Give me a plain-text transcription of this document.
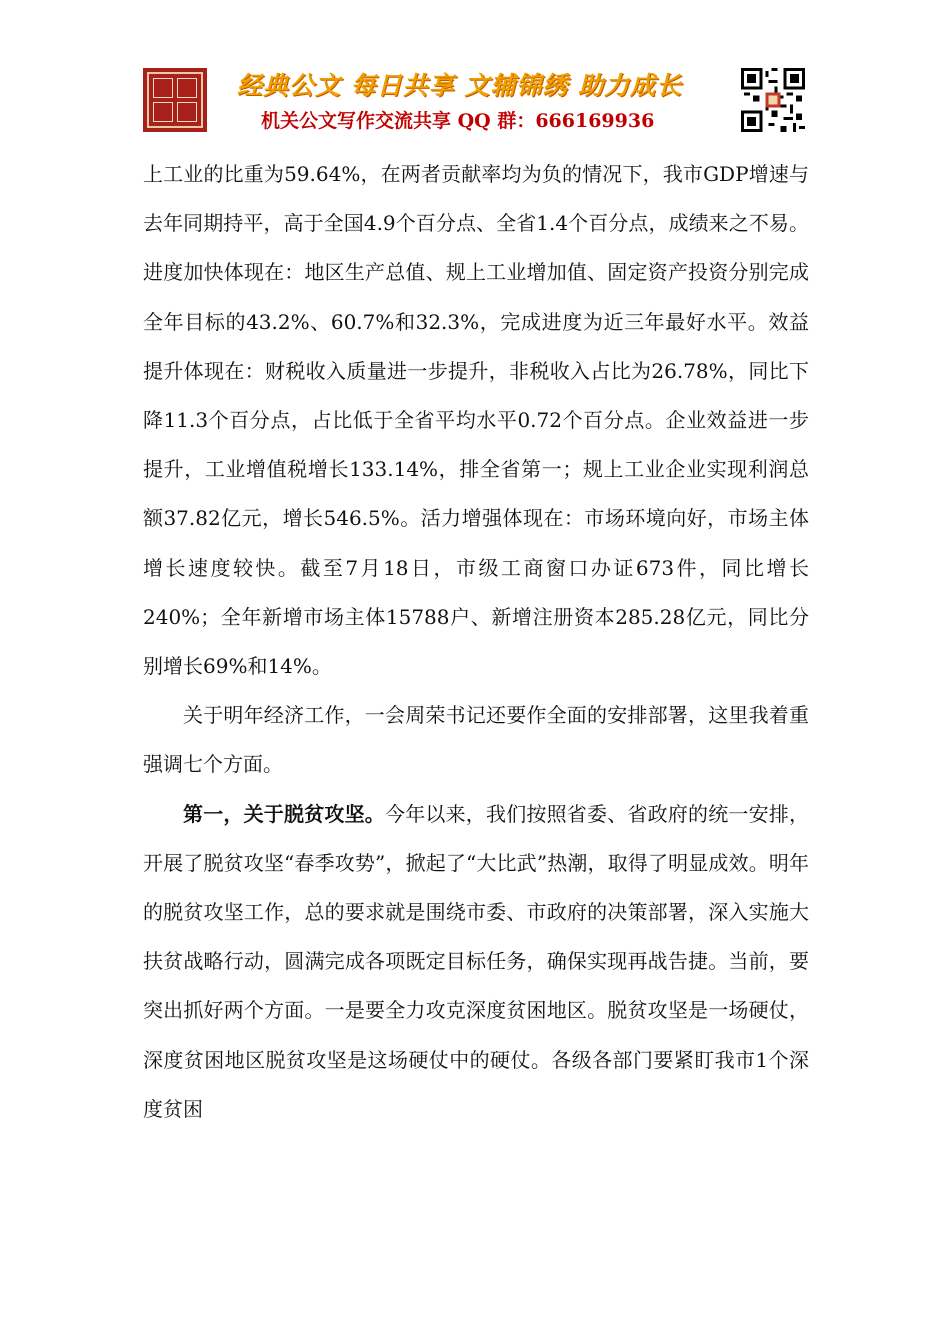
经典公文 每日共享 文辅锦绣 助力成长
机关公文写作交流共享 QQ 群：666169936

上工业的比重为59.64%，在两者贡献率均为负的情况下，我市GDP增速与去年同期持平，高于全国4.9个百分点、全省1.4个百分点，成绩来之不易。进度加快体现在：地区生产总值、规上工业增加值、固定资产投资分别完成全年目标的43.2%、60.7%和32.3%，完成进度为近三年最好水平。效益提升体现在：财税收入质量进一步提升，非税收入占比为26.78%，同比下降11.3个百分点，占比低于全省平均水平0.72个百分点。企业效益进一步提升，工业增值税增长133.14%，排全省第一；规上工业企业实现利润总额37.82亿元，增长546.5%。活力增强体现在：市场环境向好，市场主体增长速度较快。截至7月18日，市级工商窗口办证673件，同比增长240%；全年新增市场主体15788户、新增注册资本285.28亿元，同比分别增长69%和14%。

关于明年经济工作，一会周荣书记还要作全面的安排部署，这里我着重强调七个方面。

第一，关于脱贫攻坚。今年以来，我们按照省委、省政府的统一安排，开展了脱贫攻坚“春季攻势”，掀起了“大比武”热潮，取得了明显成效。明年的脱贫攻坚工作，总的要求就是围绕市委、市政府的决策部署，深入实施大扶贫战略行动，圆满完成各项既定目标任务，确保实现再战告捷。当前，要突出抓好两个方面。一是要全力攻克深度贫困地区。脱贫攻坚是一场硬仗，深度贫困地区脱贫攻坚是这场硬仗中的硬仗。各级各部门要紧盯我市1个深度贫困
